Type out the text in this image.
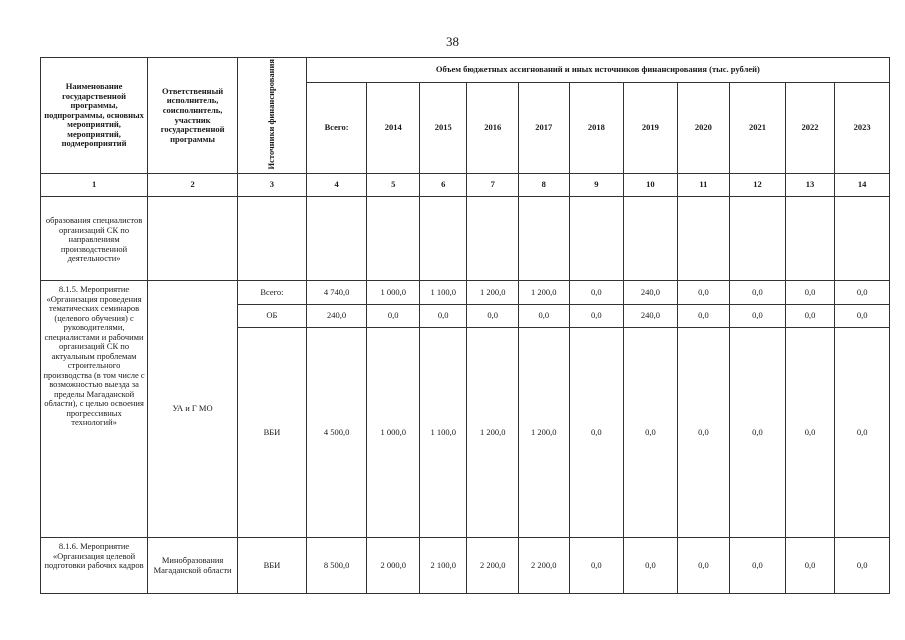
38
Наименование государственной программы, подпрограммы, основных мероприятий, мероприятий, подмероприятий	Ответственный исполнитель, соисполнитель, участник государственной программы	Источники финансирования	Объем бюджетных ассигнований и иных источников финансирования (тыс. рублей)										
			Всего:	2014	2015	2016	2017	2018	2019	2020	2021	2022	2023
1	2	3	4	5	6	7	8	9	10	11	12	13	14
образования специалистов организаций СК по направлениям производственной деятельности»													
8.1.5. Мероприятие «Организация проведения тематических семинаров (целевого обучения) с руководителями, специалистами и рабочими организаций СК по актуальным проблемам строительного производства (в том числе с возможностью выезда за пределы Магаданской области), с целью освоения прогрессивных технологий»	УА и Г МО	Всего:	4 740,0	1 000,0	1 100,0	1 200,0	1 200,0	0,0	240,0	0,0	0,0	0,0	0,0
		ОБ	240,0	0,0	0,0	0,0	0,0	0,0	240,0	0,0	0,0	0,0	0,0
		ВБИ	4 500,0	1 000,0	1 100,0	1 200,0	1 200,0	0,0	0,0	0,0	0,0	0,0	0,0
8.1.6. Мероприятие «Организация целевой подготовки рабочих кадров	Минобразования Магаданской области	ВБИ	8 500,0	2 000,0	2 100,0	2 200,0	2 200,0	0,0	0,0	0,0	0,0	0,0	0,0
